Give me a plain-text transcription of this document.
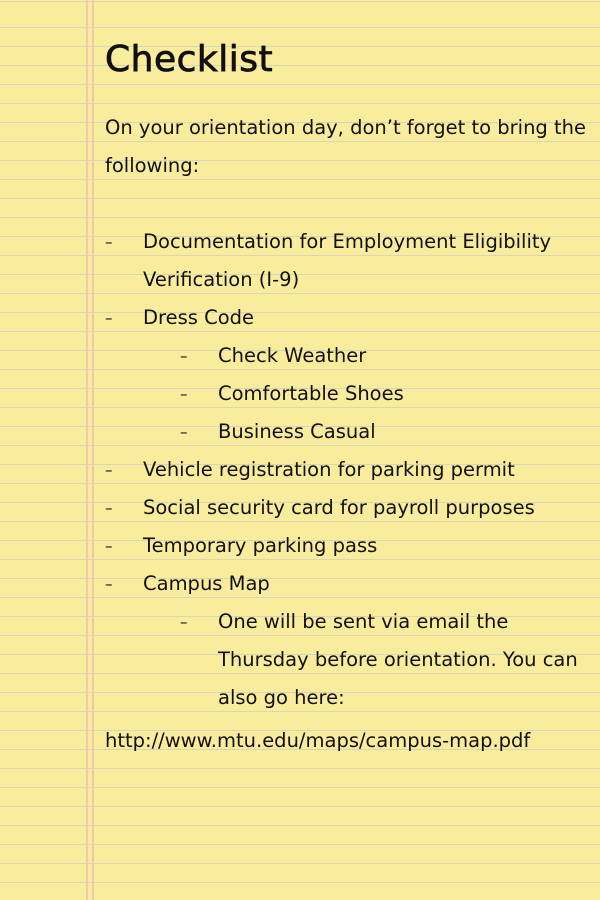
Checklist

On your orientation day, don’t forget to bring the following:

– Documentation for Employment Eligibility Verification (I-9)
– Dress Code
– Check Weather
– Comfortable Shoes
– Business Casual
– Vehicle registration for parking permit
– Social security card for payroll purposes
– Temporary parking pass
– Campus Map
– One will be sent via email the Thursday before orientation. You can also go here:

http://www.mtu.edu/maps/campus-map.pdf
